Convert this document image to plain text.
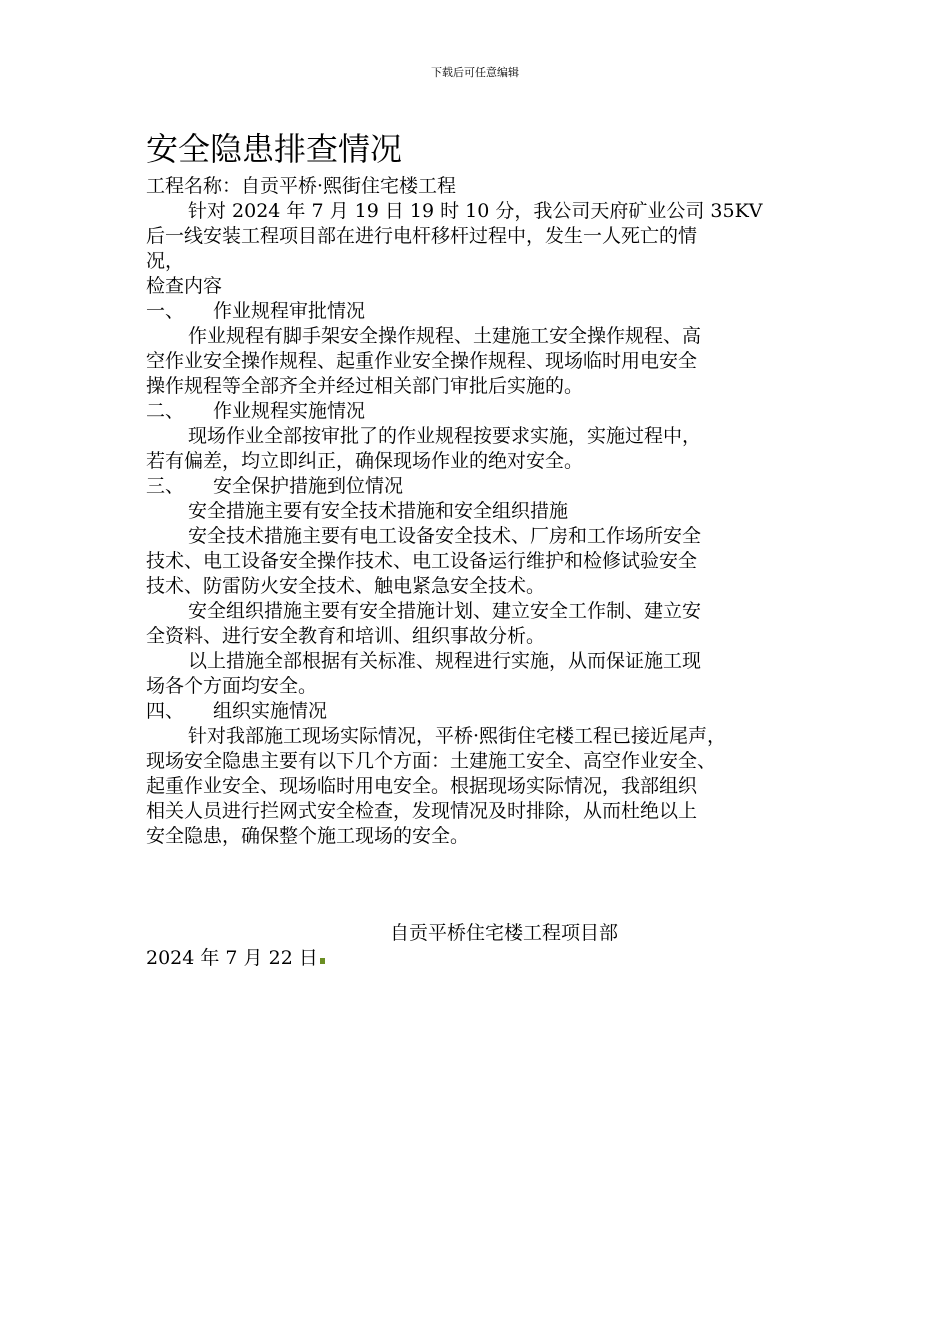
下载后可任意编辑
安全隐患排查情况
工程名称：自贡平桥·熙街住宅楼工程
针对 2024 年 7 月 19 日 19 时 10 分，我公司天府矿业公司 35KV
后一线安装工程项目部在进行电杆移杆过程中，发生一人死亡的情
况，
检查内容
一、	作业规程审批情况
作业规程有脚手架安全操作规程、土建施工安全操作规程、高
空作业安全操作规程、起重作业安全操作规程、现场临时用电安全
操作规程等全部齐全并经过相关部门审批后实施的。
二、	作业规程实施情况
现场作业全部按审批了的作业规程按要求实施，实施过程中，
若有偏差，均立即纠正，确保现场作业的绝对安全。
三、	安全保护措施到位情况
安全措施主要有安全技术措施和安全组织措施
安全技术措施主要有电工设备安全技术、厂房和工作场所安全
技术、电工设备安全操作技术、电工设备运行维护和检修试验安全
技术、防雷防火安全技术、触电紧急安全技术。
安全组织措施主要有安全措施计划、建立安全工作制、建立安
全资料、进行安全教育和培训、组织事故分析。
以上措施全部根据有关标准、规程进行实施，从而保证施工现
场各个方面均安全。
四、	组织实施情况
针对我部施工现场实际情况，平桥·熙街住宅楼工程已接近尾声，
现场安全隐患主要有以下几个方面：土建施工安全、高空作业安全、
起重作业安全、现场临时用电安全。根据现场实际情况，我部组织
相关人员进行拦网式安全检查，发现情况及时排除，从而杜绝以上
安全隐患，确保整个施工现场的安全。
自贡平桥住宅楼工程项目部
2024 年 7 月 22 日
